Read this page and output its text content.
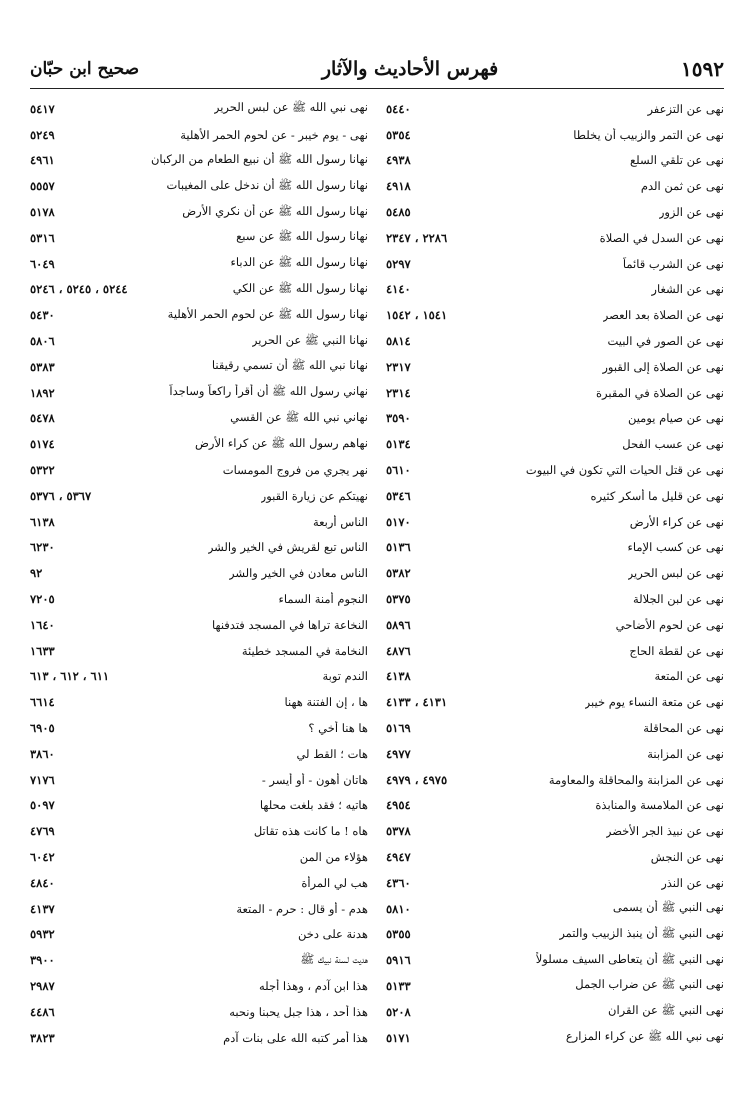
١٥٩٢
فهرس الأحاديث والآثار
صحيح ابن حبّان
نهى عن التزعفر
٥٤٤٠
نهى عن التمر والزبيب أن يخلطا
٥٣٥٤
نهى عن تلقي السلع
٤٩٣٨
نهى عن ثمن الدم
٤٩١٨
نهى عن الزور
٥٤٨٥
نهى عن السدل في الصلاة
٢٢٨٦ ، ٢٣٤٧
نهى عن الشرب قائماً
٥٢٩٧
نهى عن الشغار
٤١٤٠
نهى عن الصلاة بعد العصر
١٥٤١ ، ١٥٤٢
نهى عن الصور في البيت
٥٨١٤
نهى عن الصلاة إلى القبور
٢٣١٧
نهى عن الصلاة في المقبرة
٢٣١٤
نهى عن صيام يومين
٣٥٩٠
نهى عن عسب الفحل
٥١٣٤
نهى عن قتل الحيات التي تكون في البيوت
٥٦١٠
نهى عن قليل ما أسكر كثيره
٥٣٤٦
نهى عن كراء الأرض
٥١٧٠
نهى عن كسب الإماء
٥١٣٦
نهى عن لبس الحرير
٥٣٨٢
نهى عن لبن الجلالة
٥٣٧٥
نهى عن لحوم الأضاحي
٥٨٩٦
نهى عن لقطة الحاج
٤٨٧٦
نهى عن المتعة
٤١٣٨
نهى عن متعة النساء يوم خيبر
٤١٣١ ، ٤١٣٣
نهى عن المحاقلة
٥١٦٩
نهى عن المزابنة
٤٩٧٧
نهى عن المزابنة والمحاقلة والمعاومة
٤٩٧٥ ، ٤٩٧٩
نهى عن الملامسة والمنابذة
٤٩٥٤
نهى عن نبيذ الجر الأخضر
٥٣٧٨
نهى عن النجش
٤٩٤٧
نهى عن النذر
٤٣٦٠
نهى النبي ﷺ أن يسمى
٥٨١٠
نهى النبي ﷺ أن ينبذ الزبيب والتمر
٥٣٥٥
نهى النبي ﷺ أن يتعاطى السيف مسلولاً
٥٩١٦
نهى النبي ﷺ عن ضراب الجمل
٥١٣٣
نهى النبي ﷺ عن القران
٥٢٠٨
نهى نبي الله ﷺ عن كراء المزارع
٥١٧١
نهى نبي الله ﷺ عن لبس الحرير
٥٤١٧
نهى - يوم خيبر - عن لحوم الحمر الأهلية
٥٢٤٩
نهانا رسول الله ﷺ أن نبيع الطعام من الركبان
٤٩٦١
نهانا رسول الله ﷺ أن ندخل على المغيبات
٥٥٥٧
نهانا رسول الله ﷺ عن أن نكري الأرض
٥١٧٨
نهانا رسول الله ﷺ عن سبع
٥٣١٦
نهانا رسول الله ﷺ عن الدباء
٦٠٤٩
نهانا رسول الله ﷺ عن الكي
٥٢٤٤ ، ٥٢٤٥ ، ٥٢٤٦
نهانا رسول الله ﷺ عن لحوم الحمر الأهلية
٥٤٣٠
نهانا النبي ﷺ عن الحرير
٥٨٠٦
نهانا نبي الله ﷺ أن تسمي رقيقنا
٥٣٨٣
نهاني رسول الله ﷺ أن أقرأ راكعاً وساجداً
١٨٩٢
نهاني نبي الله ﷺ عن القسي
٥٤٧٨
نهاهم رسول الله ﷺ عن كراء الأرض
٥١٧٤
نهر يجري من فروج المومسات
٥٣٢٢
نهيتكم عن زيارة القبور
٥٣٦٧ ، ٥٣٧٦
الناس أربعة
٦١٣٨
الناس تبع لقريش في الخير والشر
٦٢٣٠
الناس معادن في الخير والشر
٩٢
النجوم أمنة السماء
٧٢٠٥
النخاعة تراها في المسجد فتدفنها
١٦٤٠
النخامة في المسجد خطيئة
١٦٣٣
الندم توبة
٦١١ ، ٦١٢ ، ٦١٣
ها ، إن الفتنة ههنا
٦٦١٤
ها هنا أخي ؟
٦٩٠٥
هات ؛ القط لي
٣٨٦٠
هاتان أهون - أو أيسر -
٧١٧٦
هاتيه ؛ فقد بلغت محلها
٥٠٩٧
هاه ! ما كانت هذه تقاتل
٤٧٦٩
هؤلاء من المن
٦٠٤٢
هب لي المرأة
٤٨٤٠
هدم - أو قال : حرم - المتعة
٤١٣٧
هدنة على دخن
٥٩٣٢
هديت لسنة نبيك ﷺ
٣٩٠٠
هذا ابن آدم ، وهذا أجله
٢٩٨٧
هذا أحد ، هذا جبل يحبنا ونحبه
٤٤٨٦
هذا أمر كتبه الله على بنات آدم
٣٨٢٣
